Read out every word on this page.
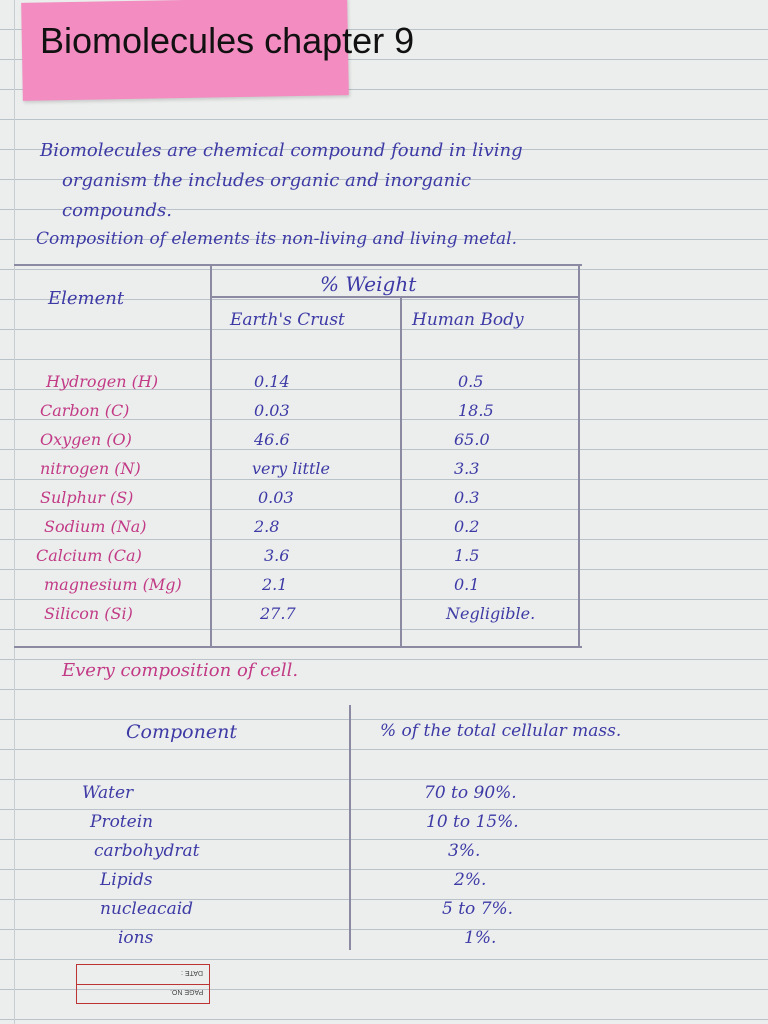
Biomolecules chapter 9
Biomolecules are chemical compound found in living
organism the includes organic and inorganic
compounds.
Composition of elements its non-living and living metal.
Element
% Weight
Earth's Crust	Human Body
Hydrogen (H)	0.14	0.5
Carbon (C)	0.03	18.5
Oxygen (O)	46.6	65.0
nitrogen (N)	very little	3.3
Sulphur (S)	0.03	0.3
Sodium (Na)	2.8	0.2
Calcium (Ca)	3.6	1.5
magnesium (Mg)	2.1	0.1
Silicon (Si)	27.7	Negligible.
Every composition of cell.
Component	% of the total cellular mass.
Water	70 to 90%.
Protein	10 to 15%.
carbohydrat	3%.
Lipids	2%.
nucleacaid	5 to 7%.
ions	1%.
DATE :
PAGE NO.
